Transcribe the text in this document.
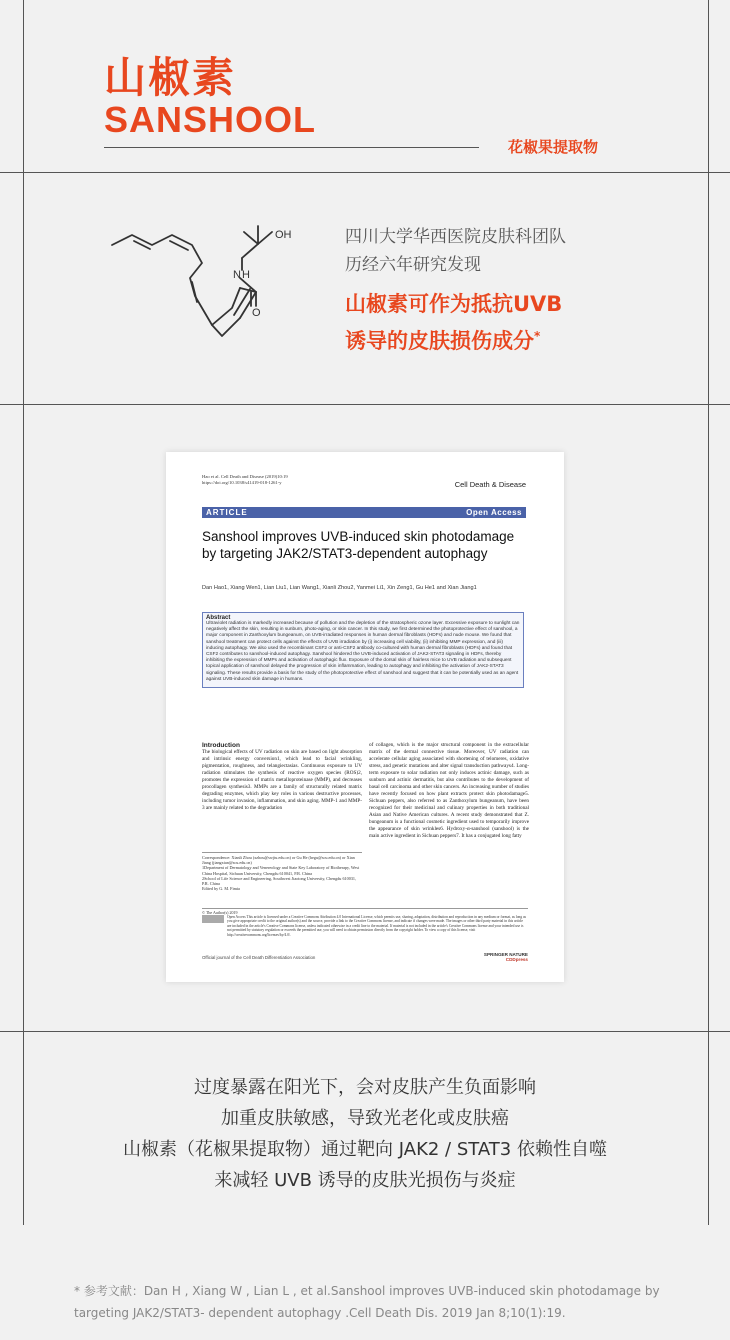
山椒素
SANSHOOL
花椒果提取物
N H
O
OH	四川大学华西医院皮肤科团队
历经六年研究发现
山椒素可作为抵抗UVB
诱导的皮肤损伤成分*
Hao et al. Cell Death and Disease (2019)10:19
https://doi.org/10.1038/s41419-018-1261-y	Cell Death & Disease
ARTICLE	Open Access
Sanshool improves UVB-induced skin photodamage by targeting JAK2/STAT3-dependent autophagy
Dan Hao1, Xiang Wen1, Lian Liu1, Lian Wang1, Xianli Zhou2, Yanmei Li1, Xin Zeng1, Gu He1 and Xian Jiang1
Abstract
Ultraviolet radiation is markedly increased because of pollution and the depletion of the stratospheric ozone layer. Excessive exposure to sunlight can negatively affect the skin, resulting in sunburn, photo-aging, or skin cancer. In this study, we first determined the photoprotective effect of sanshool, a major component in Zanthoxylum bungeanum, on UVB-irradiated responses in human dermal fibroblasts (HDFs) and nude mouse. We found that sanshool treatment can protect cells against the effects of UVB irradiation by (i) increasing cell viability, (ii) inhibiting MMP expression, and (iii) inducing autophagy. We also used the recombinant CSF2 or anti-CSF2 antibody co-cultured with human dermal fibroblasts (HDFs) and found that CSF2 contributes to sanshool-induced autophagy. Sanshool hindered the UVB-induced activation of JAK2-STAT3 signaling in HDFs, thereby inhibiting the expression of MMPs and activation of autophagic flux. Exposure of the dorsal skin of hairless mice to UVB radiation and subsequent topical application of sanshool delayed the progression of skin inflammation, leading to autophagy and inhibiting the activation of JAK2-STAT3 signaling. These results provide a basis for the study of the photoprotective effect of sanshool and suggest that it can be potentially used as an agent against UVB-induced skin damage in humans.
Introduction
The biological effects of UV radiation on skin are based on light absorption and intrinsic energy conversion1, which lead to facial wrinkling, pigmentation, roughness, and telangiectasias. Continuous exposure to UV radiation stimulates the synthesis of reactive oxygen species (ROS)2, promotes the expression of matrix metalloproteinase (MMP), and decreases procollagen synthesis3. MMPs are a family of structurally related matrix degrading enzymes, which play key roles in various destructive processes, including tumor invasion, inflammation, and skin aging. MMP-1 and MMP-3 are mainly related to the degradation
of collagen, which is the major structural component in the extracellular matrix of the dermal connective tissue. Moreover, UV radiation can accelerate cellular aging associated with shortening of telomeres, oxidative stress, and genetic mutations and alter signal transduction pathways4. Long-term exposure to solar radiation not only induces actinic damage, such as sunburn and actinic dermatitis, but also contributes to the development of basal cell carcinoma and other skin cancers. An increasing number of studies have recently focused on how plant extracts protect skin photodamage5. Sichuan peppers, also referred to as Zanthoxylum bungeanum, have been recognized for their medicinal and culinary properties in both traditional Asian and Native American cultures. A recent study demonstrated that Z. bungeanum is a functional cosmetic ingredient used to temporarily improve the appearance of skin wrinkles6. Hydroxy-α-sanshool (sanshool) is the main active ingredient in Sichuan peppers7. It has a conjugated long fatty
Correspondence: Xianli Zhou (xzhou@swjtu.edu.cn) or Gu He (hegu@scu.edu.cn) or Xian Jiang (jiangxian@scu.edu.cn)
1Department of Dermatology and Venereology and State Key Laboratory of Biotherapy, West China Hospital, Sichuan University, Chengdu 610041, P.R. China
2School of Life Science and Engineering, Southwest Jiaotong University, Chengdu 610031, P.R. China
Edited by G. M. Fimia
© The Author(s) 2019
Open Access This article is licensed under a Creative Commons Attribution 4.0 International License, which permits use, sharing, adaptation, distribution and reproduction in any medium or format, as long as you give appropriate credit to the original author(s) and the source, provide a link to the Creative Commons license, and indicate if changes were made. The images or other third party material in this article are included in the article's Creative Commons license, unless indicated otherwise in a credit line to the material. If material is not included in the article's Creative Commons license and your intended use is not permitted by statutory regulation or exceeds the permitted use, you will need to obtain permission directly from the copyright holder. To view a copy of this license, visit http://creativecommons.org/licenses/by/4.0/.
Official journal of the Cell Death Differentiation Association
SPRINGER NATURE
CDDpress
过度暴露在阳光下，会对皮肤产生负面影响
加重皮肤敏感，导致光老化或皮肤癌
山椒素（花椒果提取物）通过靶向 JAK2 / STAT3 依赖性自噬
来减轻 UVB 诱导的皮肤光损伤与炎症
* 参考文献：Dan H , Xiang W , Lian L , et al.Sanshool improves UVB-induced skin photodamage by
targeting JAK2/STAT3- dependent autophagy .Cell Death Dis. 2019 Jan 8;10(1):19.
